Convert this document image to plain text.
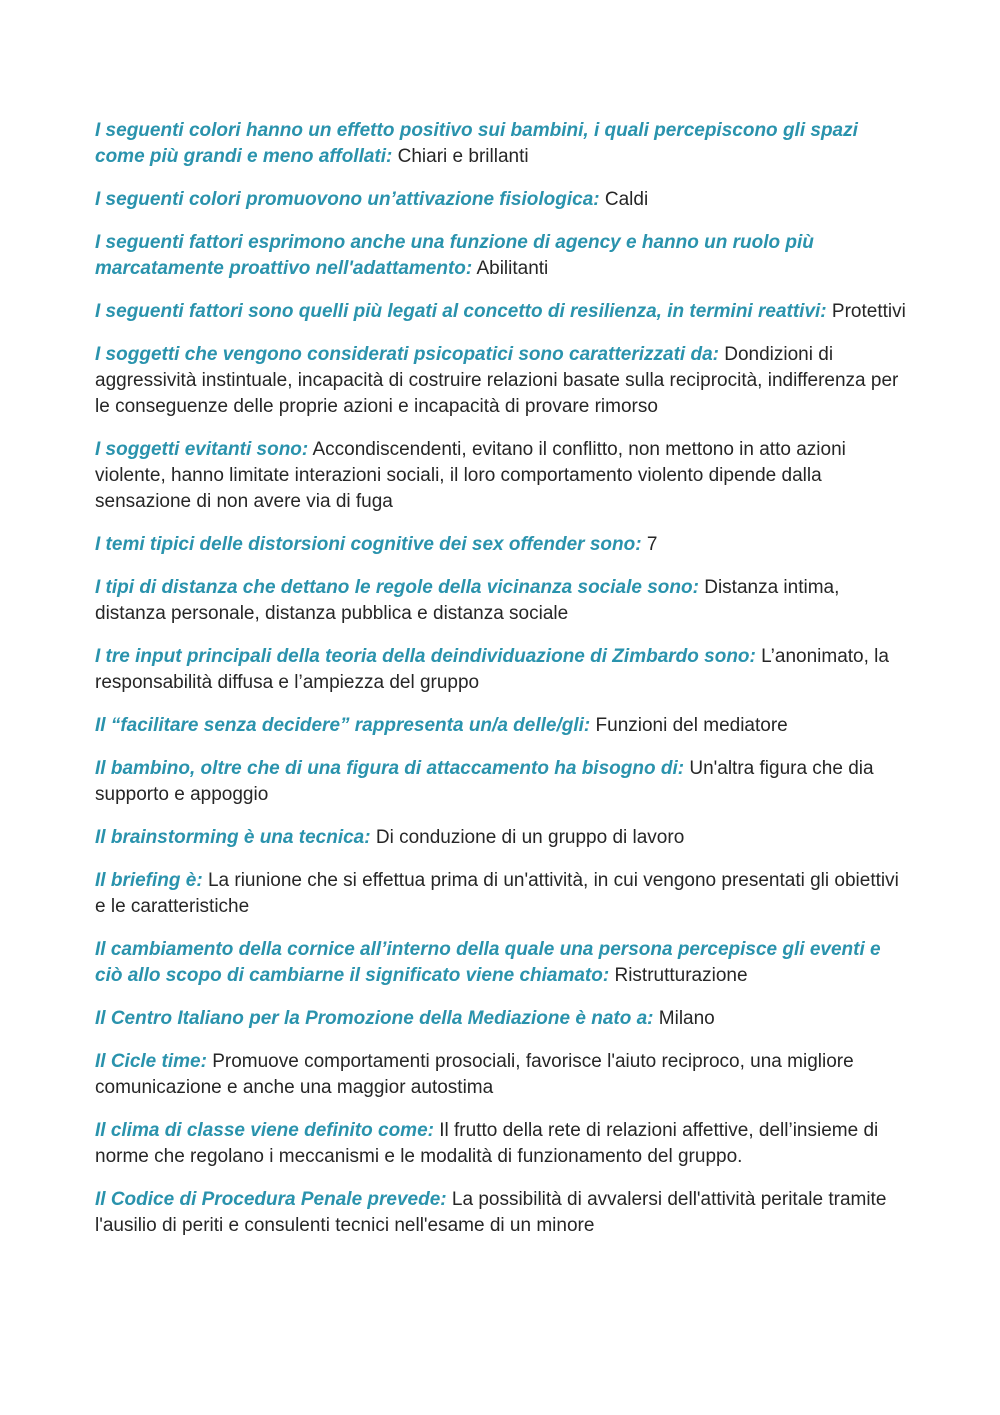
I seguenti colori hanno un effetto positivo sui bambini, i quali percepiscono gli spazi come più grandi e meno affollati: Chiari e brillanti

I seguenti colori promuovono un’attivazione fisiologica: Caldi

I seguenti fattori esprimono anche una funzione di agency e hanno un ruolo più marcatamente proattivo nell'adattamento: Abilitanti

I seguenti fattori sono quelli più legati al concetto di resilienza, in termini reattivi: Protettivi

I soggetti che vengono considerati psicopatici sono caratterizzati da: Dondizioni di aggressività instintuale, incapacità di costruire relazioni basate sulla reciprocità, indifferenza per le conseguenze delle proprie azioni e incapacità di provare rimorso

I soggetti evitanti sono: Accondiscendenti, evitano il conflitto, non mettono in atto azioni violente, hanno limitate interazioni sociali, il loro comportamento violento dipende dalla sensazione di non avere via di fuga

I temi tipici delle distorsioni cognitive dei sex offender sono: 7

I tipi di distanza che dettano le regole della vicinanza sociale sono: Distanza intima, distanza personale, distanza pubblica e distanza sociale

I tre input principali della teoria della deindividuazione di Zimbardo sono: L’anonimato, la responsabilità diffusa e l’ampiezza del gruppo

Il “facilitare senza decidere” rappresenta un/a delle/gli: Funzioni del mediatore

Il bambino, oltre che di una figura di attaccamento ha bisogno di: Un'altra figura che dia supporto e appoggio

Il brainstorming è una tecnica: Di conduzione di un gruppo di lavoro

Il briefing è: La riunione che si effettua prima di un'attività, in cui vengono presentati gli obiettivi e le caratteristiche

Il cambiamento della cornice all’interno della quale una persona percepisce gli eventi e ciò allo scopo di cambiarne il significato viene chiamato: Ristrutturazione

Il Centro Italiano per la Promozione della Mediazione è nato a: Milano

Il Cicle time: Promuove comportamenti prosociali, favorisce l'aiuto reciproco, una migliore comunicazione e anche una maggior autostima

Il clima di classe viene definito come: Il frutto della rete di relazioni affettive, dell’insieme di norme che regolano i meccanismi e le modalità di funzionamento del gruppo.

Il Codice di Procedura Penale prevede: La possibilità di avvalersi dell'attività peritale tramite l'ausilio di periti e consulenti tecnici nell'esame di un minore
